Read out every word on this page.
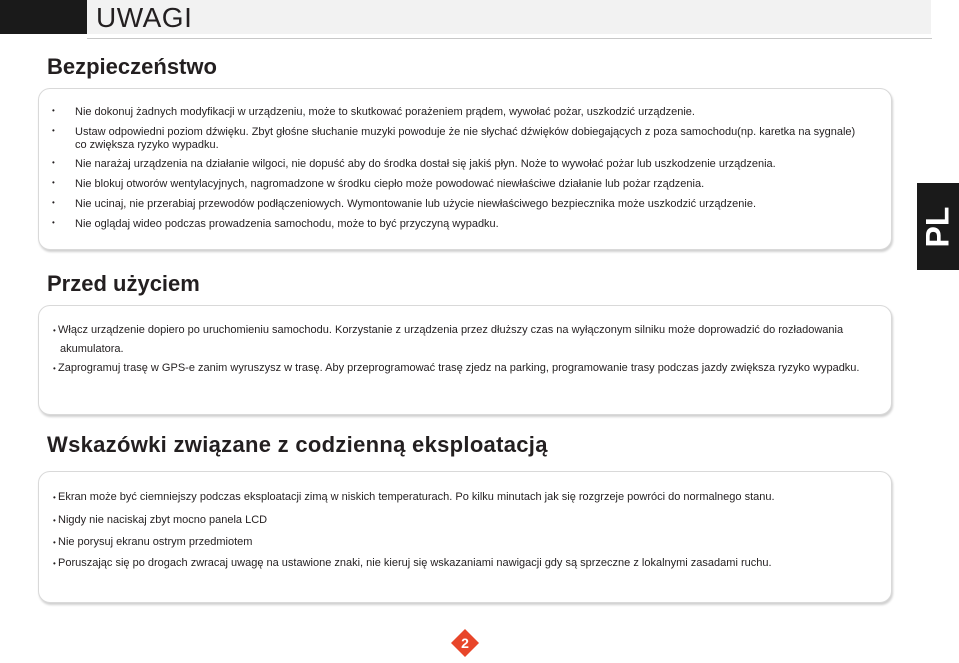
UWAGI
PL
Bezpieczeństwo
• Nie dokonuj żadnych modyfikacji w urządzeniu, może to skutkować porażeniem prądem, wywołać pożar, uszkodzić urządzenie.
• Ustaw odpowiedni poziom dźwięku. Zbyt głośne słuchanie muzyki powoduje że nie słychać dźwięków dobiegających z poza samochodu(np. karetka na sygnale)
co zwiększa ryzyko wypadku.
• Nie narażaj urządzenia na działanie wilgoci, nie dopuść aby do środka dostał się jakiś płyn. Noże to wywołać pożar lub uszkodzenie urządzenia.
• Nie blokuj otworów wentylacyjnych, nagromadzone w środku ciepło może powodować niewłaściwe działanie lub pożar rządzenia.
• Nie ucinaj, nie przerabiaj przewodów podłączeniowych. Wymontowanie lub użycie niewłaściwego bezpiecznika może uszkodzić urządzenie.
• Nie oglądaj wideo podczas prowadzenia samochodu, może to być przyczyną wypadku.
Przed użyciem
• Włącz urządzenie dopiero po uruchomieniu samochodu. Korzystanie z urządzenia przez dłuższy czas na wyłączonym silniku może doprowadzić do rozładowania
akumulatora.
• Zaprogramuj trasę w GPS-e zanim wyruszysz w trasę. Aby przeprogramować trasę zjedz na parking, programowanie trasy podczas jazdy zwiększa ryzyko wypadku.
Wskazówki związane z codzienną eksploatacją
• Ekran może być ciemniejszy podczas eksploatacji zimą w niskich temperaturach. Po kilku minutach jak się rozgrzeje powróci do normalnego stanu.
• Nigdy nie naciskaj zbyt mocno panela LCD
• Nie porysuj ekranu ostrym przedmiotem
• Poruszając się po drogach zwracaj uwagę na ustawione znaki, nie kieruj się wskazaniami nawigacji gdy są sprzeczne z lokalnymi zasadami ruchu.
2
